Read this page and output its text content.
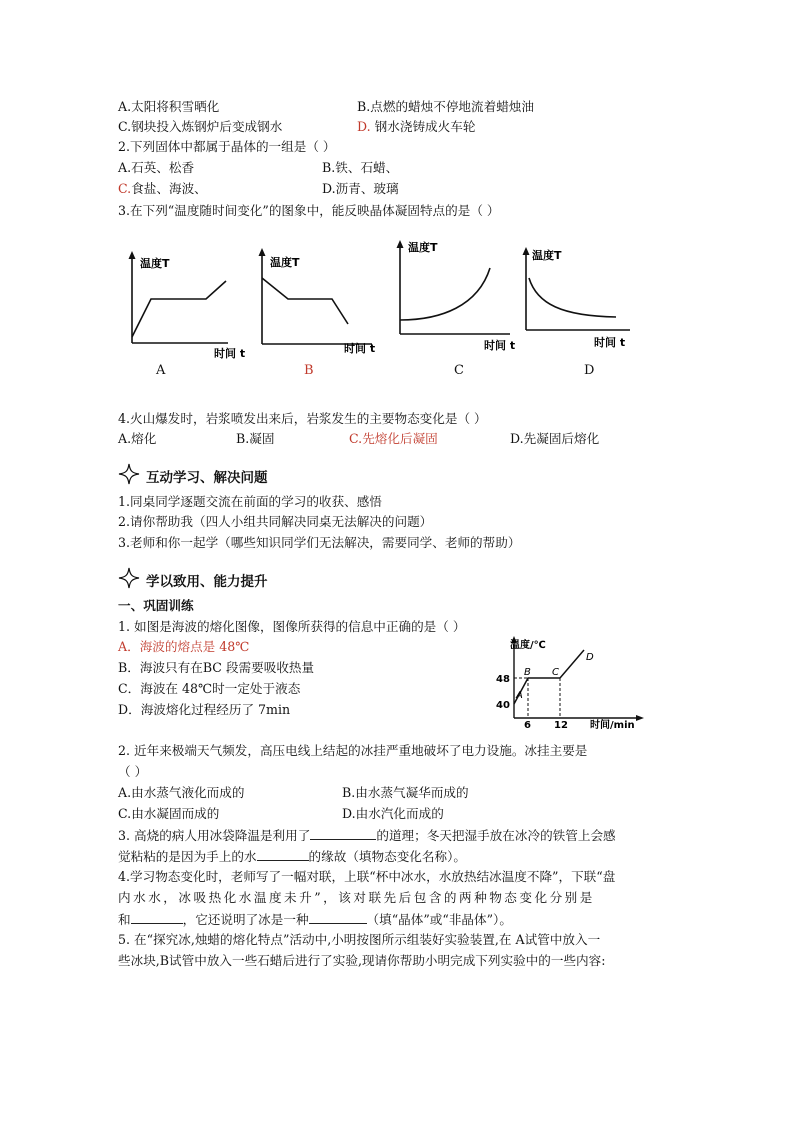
A.太阳将积雪晒化	B.点燃的蜡烛不停地流着蜡烛油
C.钢块投入炼钢炉后变成钢水	D. 钢水浇铸成火车轮
2.下列固体中都属于晶体的一组是（ ）
A.石英、松香	B.铁、石蜡、
C.食盐、海波、	D.沥青、玻璃
3.在下列“温度随时间变化”的图象中，能反映晶体凝固特点的是（ ）
温度T
时间 t
温度T
时间 t
温度T
时间 t
温度T
时间 t
A	B	C	D
4.火山爆发时，岩浆喷发出来后，岩浆发生的主要物态变化是（ ）
A.熔化	B.凝固	C.先熔化后凝固	D.先凝固后熔化
互动学习、解决问题
1.同桌同学逐题交流在前面的学习的收获、感悟
2.请你帮助我（四人小组共同解决同桌无法解决的问题）
3.老师和你一起学（哪些知识同学们无法解决，需要同学、老师的帮助）
学以致用、能力提升
一、巩固训练
1. 如图是海波的熔化图像，图像所获得的信息中正确的是（ ）
A．海波的熔点是 48℃
B．海波只有在BC 段需要吸收热量
C．海波在 48℃时一定处于液态
D．海波熔化过程经历了 7min
温度/℃
时间/min
48
40
6 12
A
B C
D
2. 近年来极端天气频发，高压电线上结起的冰挂严重地破坏了电力设施。冰挂主要是
（ ）
A.由水蒸气液化而成的	B.由水蒸气凝华而成的
C.由水凝固而成的	D.由水汽化而成的
3. 高烧的病人用冰袋降温是利用了	的道理；冬天把湿手放在冰冷的铁管上会感
觉粘粘的是因为手上的水	的缘故（填物态变化名称）。
4.学习物态变化时，老师写了一幅对联，上联“杯中冰水，水放热结冰温度不降”，下联“盘
内水水，冰吸热化水温度未升”，该对联先后包含的两种物态变化分别是
和	，它还说明了冰是一种	（填“晶体”或“非晶体”）。
5. 在“探究冰,烛蜡的熔化特点”活动中,小明按图所示组装好实验装置,在 A试管中放入一
些冰块,B试管中放入一些石蜡后进行了实验,现请你帮助小明完成下列实验中的一些内容:
